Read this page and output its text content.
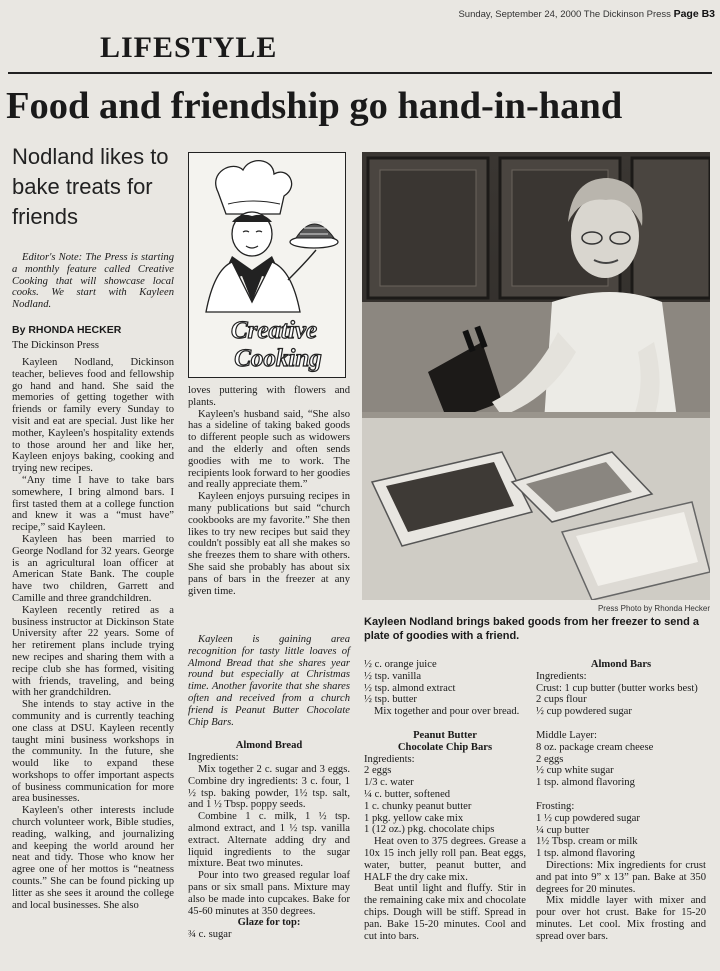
Sunday, September 24, 2000 The Dickinson Press Page B3
LIFESTYLE
Food and friendship go hand-in-hand
Nodland likes to bake treats for friends
Editor's Note: The Press is starting a monthly feature called Creative Cooking that will showcase local cooks. We start with Kayleen Nodland.
By RHONDA HECKER
The Dickinson Press

Kayleen Nodland, Dickinson teacher, believes food and fellowship go hand and hand. She said the memories of getting together with friends or family every Sunday to visit and eat are special. Just like her mother, Kayleen's hospitality extends to those around her and like her, Kayleen enjoys baking, cooking and trying new recipes.

“Any time I have to take bars somewhere, I bring almond bars. I first tasted them at a college function and knew it was a “must have” recipe,” said Kayleen.

Kayleen has been married to George Nodland for 32 years. George is an agricultural loan officer at American State Bank. The couple have two children, Garrett and Camille and three grandchildren.

Kayleen recently retired as a business instructor at Dickinson State University after 22 years. Some of her retirement plans include trying new recipes and sharing them with a recipe club she has formed, visiting with friends, traveling, and being with her grandchildren.

She intends to stay active in the community and is currently teaching one class at DSU. Kayleen recently taught mini business workshops in the community. In the future, she would like to expand these workshops to offer important aspects of business communication for more area businesses.

Kayleen's other interests include church volunteer work, Bible studies, reading, walking, and journalizing and keeping the world around her neat and tidy. Those who know her agree one of her mottos is “neatness counts.” She can be found picking up litter as she sees it around the college and local businesses. She also

Creative
Cooking

loves puttering with flowers and plants.

Kayleen's husband said, “She also has a sideline of taking baked goods to different people such as widowers and the elderly and often sends goodies with me to work. The recipients look forward to her goodies and really appreciate them.”

Kayleen enjoys pursuing recipes in many publications but said “church cookbooks are my favorite.” She then likes to try new recipes but said they couldn't possibly eat all she makes so she freezes them to share with others. She said she probably has about six pans of bars in the freezer at any given time.

Kayleen is gaining area recognition for tasty little loaves of Almond Bread that she shares year round but especially at Christmas time. Another favorite that she shares often and received from a church friend is Peanut Butter Chocolate Chip Bars.

Almond Bread

Ingredients:

Mix together 2 c. sugar and 3 eggs. Combine dry ingredients: 3 c. four, 1 ½ tsp. baking powder, 1½ tsp. salt, and 1 ½ Tbsp. poppy seeds.

Combine 1 c. milk, 1 ½ tsp. almond extract, and 1 ½ tsp. vanilla extract. Alternate adding dry and liquid ingredients to the sugar mixture. Beat two minutes.

Pour into two greased regular loaf pans or six small pans. Mixture may also be made into cupcakes. Bake for 45-60 minutes at 350 degrees.

Glaze for top:

¾ c. sugar

Press Photo by Rhonda Hecker
Kayleen Nodland brings baked goods from her freezer to send a plate of goodies with a friend.

½ c. orange juice

½ tsp. vanilla

½ tsp. almond extract

½ tsp. butter

Mix together and pour over bread.

Peanut Butter

Chocolate Chip Bars

Ingredients:

2 eggs

1/3 c. water

¼ c. butter, softened

1 c. chunky peanut butter

1 pkg. yellow cake mix

1 (12 oz.) pkg. chocolate chips

Heat oven to 375 degrees. Grease a 10x 15 inch jelly roll pan. Beat eggs, water, butter, peanut butter, and HALF the dry cake mix.

Beat until light and fluffy. Stir in the remaining cake mix and chocolate chips. Dough will be stiff. Spread in pan. Bake 15-20 minutes. Cool and cut into bars.

Almond Bars

Ingredients:

Crust: 1 cup butter (butter works best)

2 cups flour

½ cup powdered sugar

Middle Layer:

8 oz. package cream cheese

2 eggs

½ cup white sugar

1 tsp. almond flavoring

Frosting:

1 ½ cup powdered sugar

¼ cup butter

1½ Tbsp. cream or milk

1 tsp. almond flavoring

Directions: Mix ingredients for crust and pat into 9” x 13” pan. Bake at 350 degrees for 20 minutes.

Mix middle layer with mixer and pour over hot crust. Bake for 15-20 minutes. Let cool. Mix frosting and spread over bars.
